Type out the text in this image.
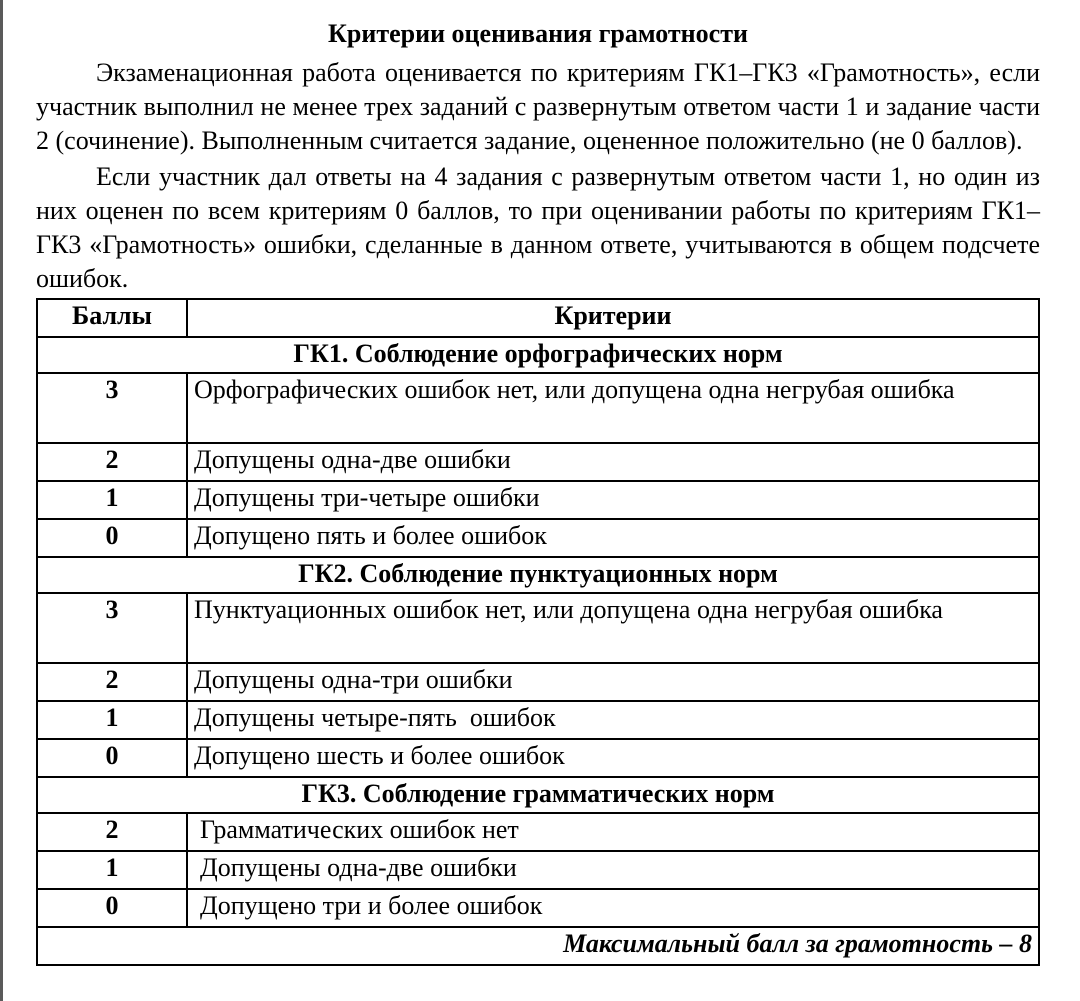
Критерии оценивания грамотности

Экзаменационная работа оценивается по критериям ГК1–ГК3 «Грамотность», если участник выполнил не менее трех заданий с развернутым ответом части 1 и задание части 2 (сочинение). Выполненным считается задание, оцененное положительно (не 0 баллов).

Если участник дал ответы на 4 задания с развернутым ответом части 1, но один из них оценен по всем критериям 0 баллов, то при оценивании работы по критериям ГК1–ГК3 «Грамотность» ошибки, сделанные в данном ответе, учитываются в общем подсчете ошибок.

Баллы	Критерии
ГК1. Соблюдение орфографических норм	
3	Орфографических ошибок нет, или допущена одна негрубая ошибка
2	Допущены одна-две ошибки
1	Допущены три-четыре ошибки
0	Допущено пять и более ошибок
ГК2. Соблюдение пунктуационных норм	
3	Пунктуационных ошибок нет, или допущена одна негрубая ошибка
2	Допущены одна-три ошибки
1	Допущены четыре-пять  ошибок
0	Допущено шесть и более ошибок
ГК3. Соблюдение грамматических норм	
2	Грамматических ошибок нет
1	Допущены одна-две ошибки
0	Допущено три и более ошибок
Максимальный балл за грамотность – 8	
